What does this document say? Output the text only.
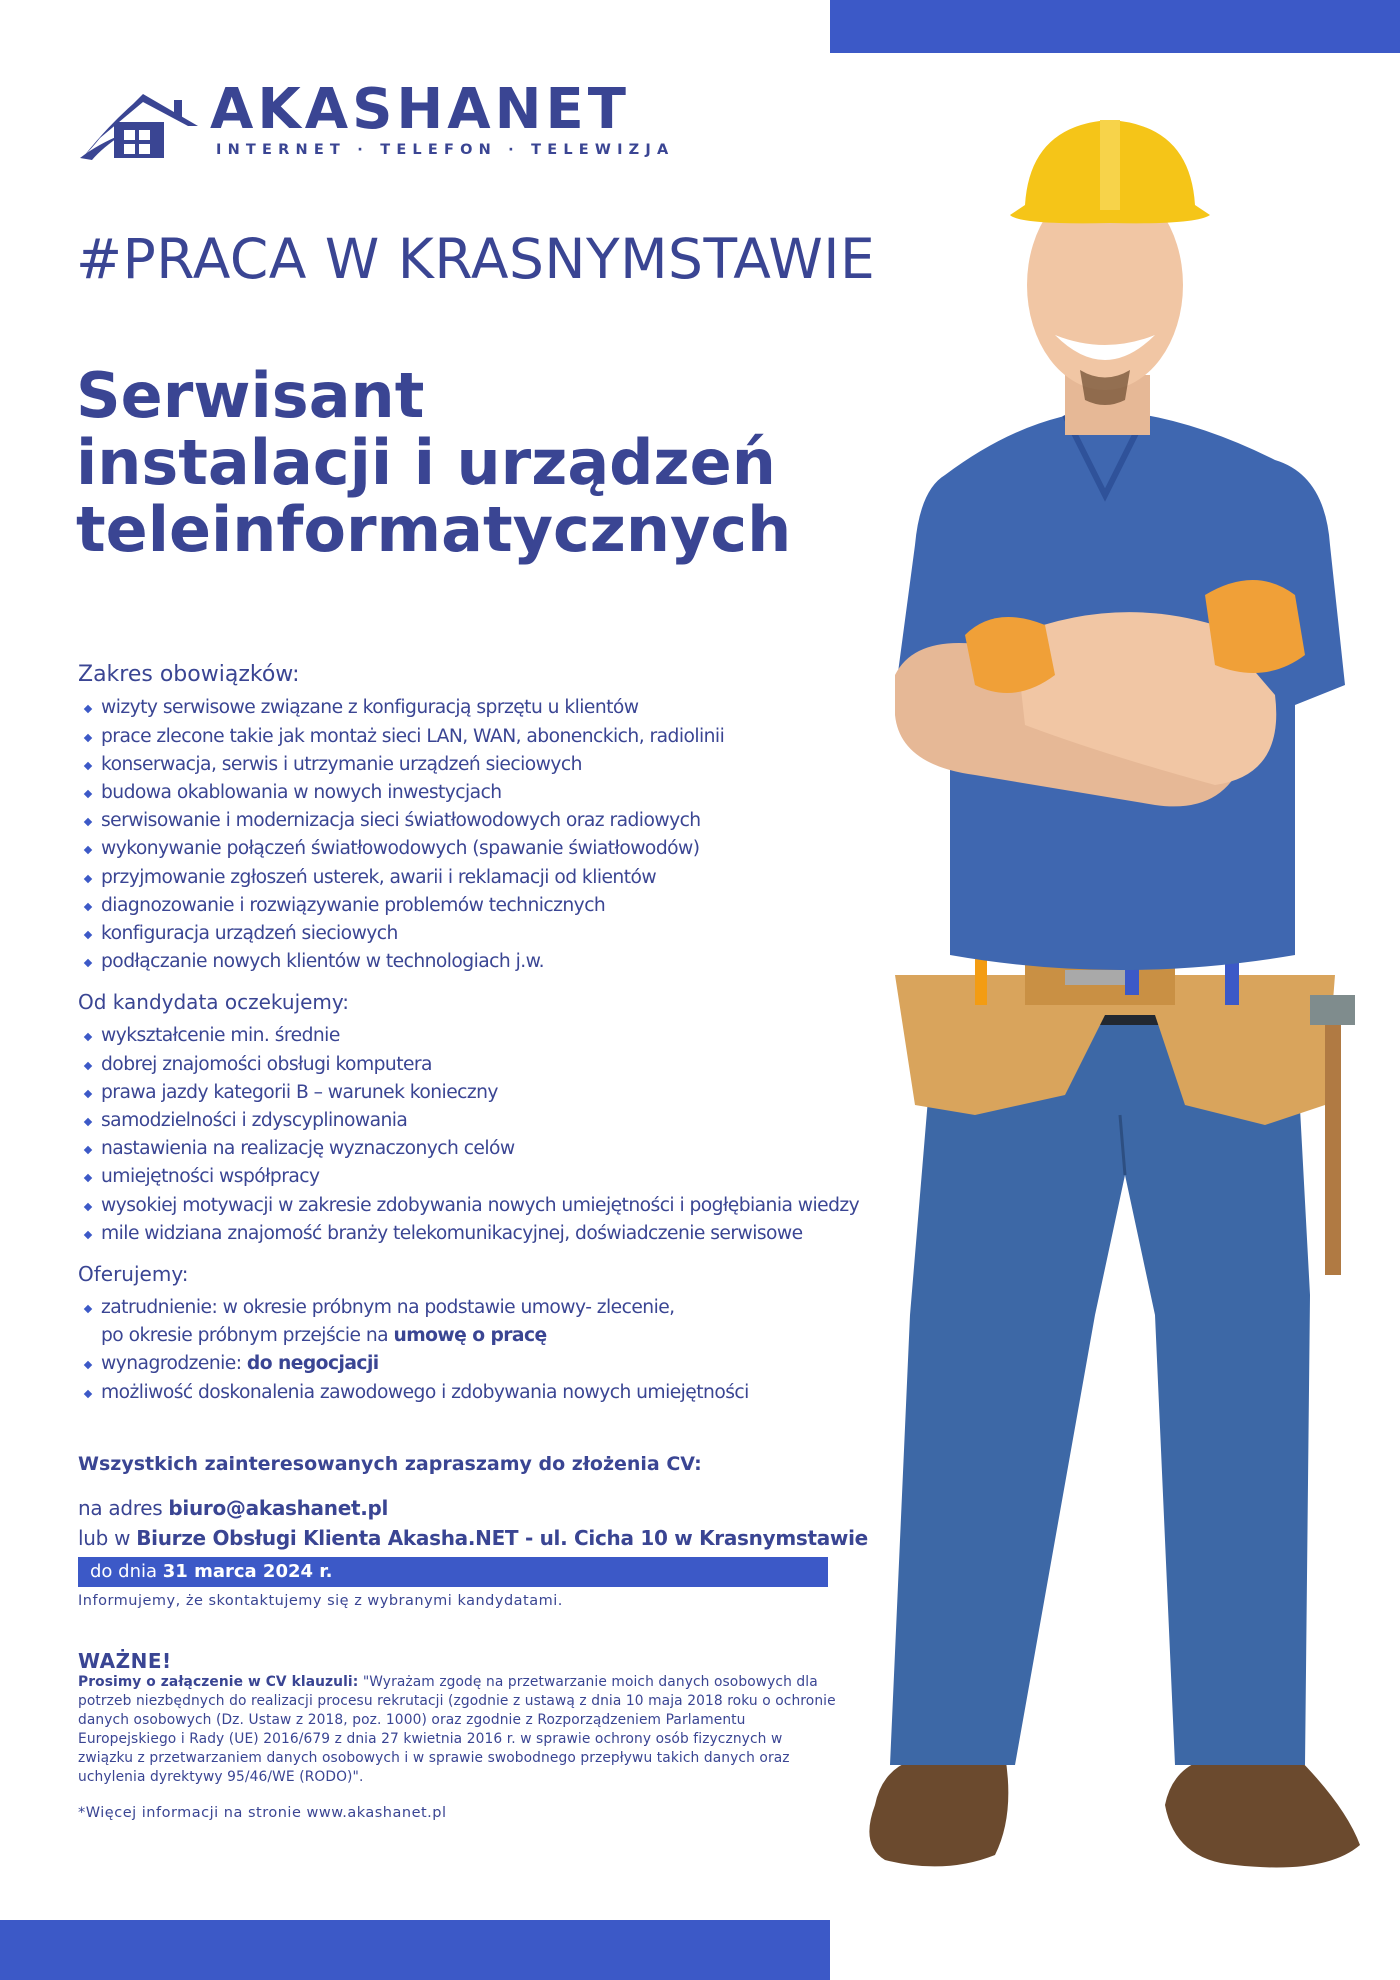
AKASHANET
INTERNET · TELEFON · TELEWIZJA
#PRACA W KRASNYMSTAWIE
Serwisant
instalacji i urządzeń
teleinformatycznych
Zakres obowiązków:
wizyty serwisowe związane z konfiguracją sprzętu u klientów
prace zlecone takie jak montaż sieci LAN, WAN, abonenckich, radiolinii
konserwacja, serwis i utrzymanie urządzeń sieciowych
budowa okablowania w nowych inwestycjach
serwisowanie i modernizacja sieci światłowodowych oraz radiowych
wykonywanie połączeń światłowodowych (spawanie światłowodów)
przyjmowanie zgłoszeń usterek, awarii i reklamacji od klientów
diagnozowanie i rozwiązywanie problemów technicznych
konfiguracja urządzeń sieciowych
podłączanie nowych klientów w technologiach j.w.
Od kandydata oczekujemy:
wykształcenie min. średnie
dobrej znajomości obsługi komputera
prawa jazdy kategorii B – warunek konieczny
samodzielności i zdyscyplinowania
nastawienia na realizację wyznaczonych celów
umiejętności współpracy
wysokiej motywacji w zakresie zdobywania nowych umiejętności i pogłębiania wiedzy
mile widziana znajomość branży telekomunikacyjnej, doświadczenie serwisowe
Oferujemy:
zatrudnienie: w okresie próbnym na podstawie umowy- zlecenie,
po okresie próbnym przejście na umowę o pracę
wynagrodzenie: do negocjacji
możliwość doskonalenia zawodowego i zdobywania nowych umiejętności
Wszystkich zainteresowanych zapraszamy do złożenia CV:
na adres biuro@akashanet.pl
lub w Biurze Obsługi Klienta Akasha.NET - ul. Cicha 10 w Krasnymstawie
do dnia 31 marca 2024 r.
Informujemy, że skontaktujemy się z wybranymi kandydatami.
WAŻNE!
Prosimy o załączenie w CV klauzuli: "Wyrażam zgodę na przetwarzanie moich danych osobowych dla potrzeb niezbędnych do realizacji procesu rekrutacji (zgodnie z ustawą z dnia 10 maja 2018 roku o ochronie danych osobowych (Dz. Ustaw z 2018, poz. 1000) oraz zgodnie z Rozporządzeniem Parlamentu Europejskiego i Rady (UE) 2016/679 z dnia 27 kwietnia 2016 r. w sprawie ochrony osób fizycznych w związku z przetwarzaniem danych osobowych i w sprawie swobodnego przepływu takich danych oraz uchylenia dyrektywy 95/46/WE (RODO)".
*Więcej informacji na stronie www.akashanet.pl
